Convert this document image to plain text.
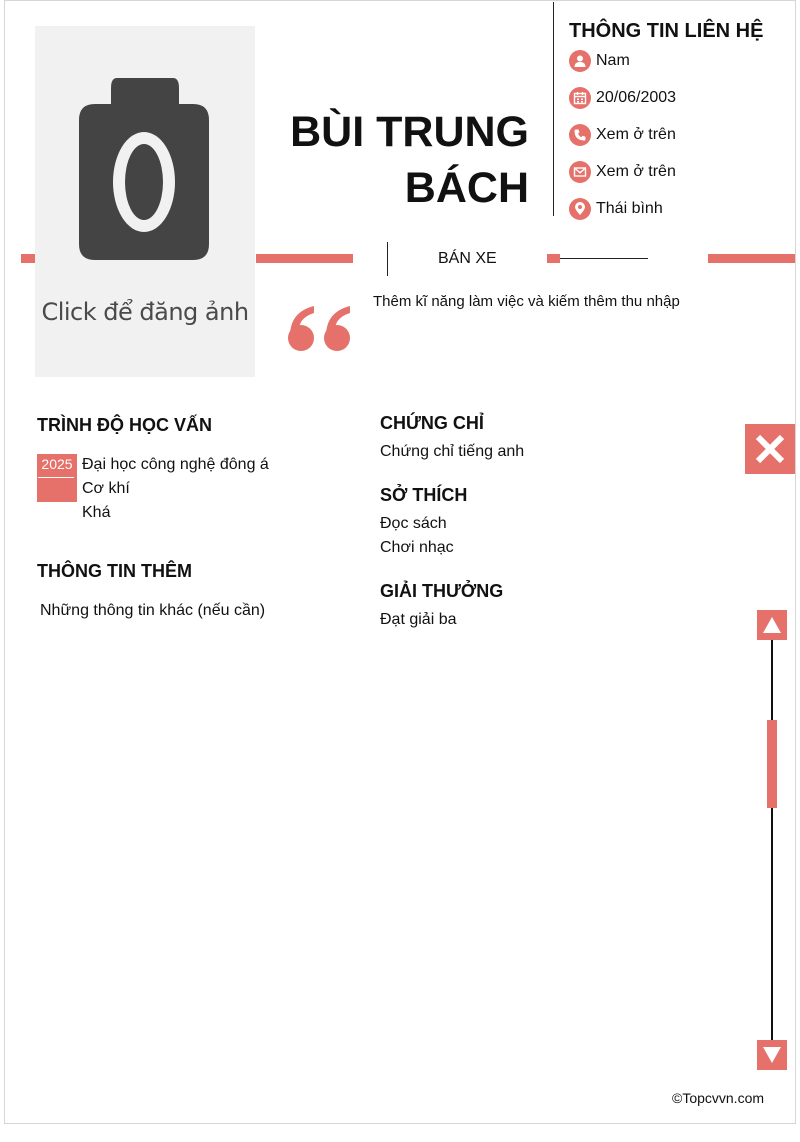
Click để đăng ảnh
BÙI TRUNG
BÁCH
THÔNG TIN LIÊN HỆ
Nam
20/06/2003
Xem ở trên
Xem ở trên
Thái bình
BÁN XE
Thêm kĩ năng làm việc và kiếm thêm thu nhập
TRÌNH ĐỘ HỌC VẤN
2025 Đại học công nghệ đông á
Cơ khí
Khá
THÔNG TIN THÊM
Những thông tin khác (nếu cần)
CHỨNG CHỈ
Chứng chỉ tiếng anh
SỞ THÍCH
Đọc sách
Chơi nhạc
GIẢI THƯỞNG
Đạt giải ba
©Topcvvn.com
